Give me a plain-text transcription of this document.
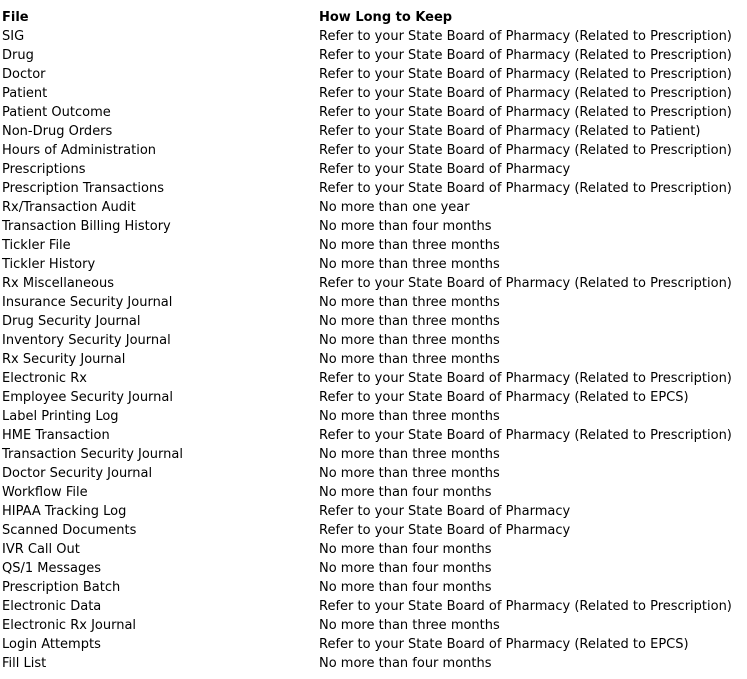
File	How Long to Keep
SIG	Refer to your State Board of Pharmacy (Related to Prescription)
Drug	Refer to your State Board of Pharmacy (Related to Prescription)
Doctor	Refer to your State Board of Pharmacy (Related to Prescription)
Patient	Refer to your State Board of Pharmacy (Related to Prescription)
Patient Outcome	Refer to your State Board of Pharmacy (Related to Prescription)
Non-Drug Orders	Refer to your State Board of Pharmacy (Related to Patient)
Hours of Administration	Refer to your State Board of Pharmacy (Related to Prescription)
Prescriptions	Refer to your State Board of Pharmacy
Prescription Transactions	Refer to your State Board of Pharmacy (Related to Prescription)
Rx/Transaction Audit	No more than one year
Transaction Billing History	No more than four months
Tickler File	No more than three months
Tickler History	No more than three months
Rx Miscellaneous	Refer to your State Board of Pharmacy (Related to Prescription)
Insurance Security Journal	No more than three months
Drug Security Journal	No more than three months
Inventory Security Journal	No more than three months
Rx Security Journal	No more than three months
Electronic Rx	Refer to your State Board of Pharmacy (Related to Prescription)
Employee Security Journal	Refer to your State Board of Pharmacy (Related to EPCS)
Label Printing Log	No more than three months
HME Transaction	Refer to your State Board of Pharmacy (Related to Prescription)
Transaction Security Journal	No more than three months
Doctor Security Journal	No more than three months
Workflow File	No more than four months
HIPAA Tracking Log	Refer to your State Board of Pharmacy
Scanned Documents	Refer to your State Board of Pharmacy
IVR Call Out	No more than four months
QS/1 Messages	No more than four months
Prescription Batch	No more than four months
Electronic Data	Refer to your State Board of Pharmacy (Related to Prescription)
Electronic Rx Journal	No more than three months
Login Attempts	Refer to your State Board of Pharmacy (Related to EPCS)
Fill List	No more than four months
